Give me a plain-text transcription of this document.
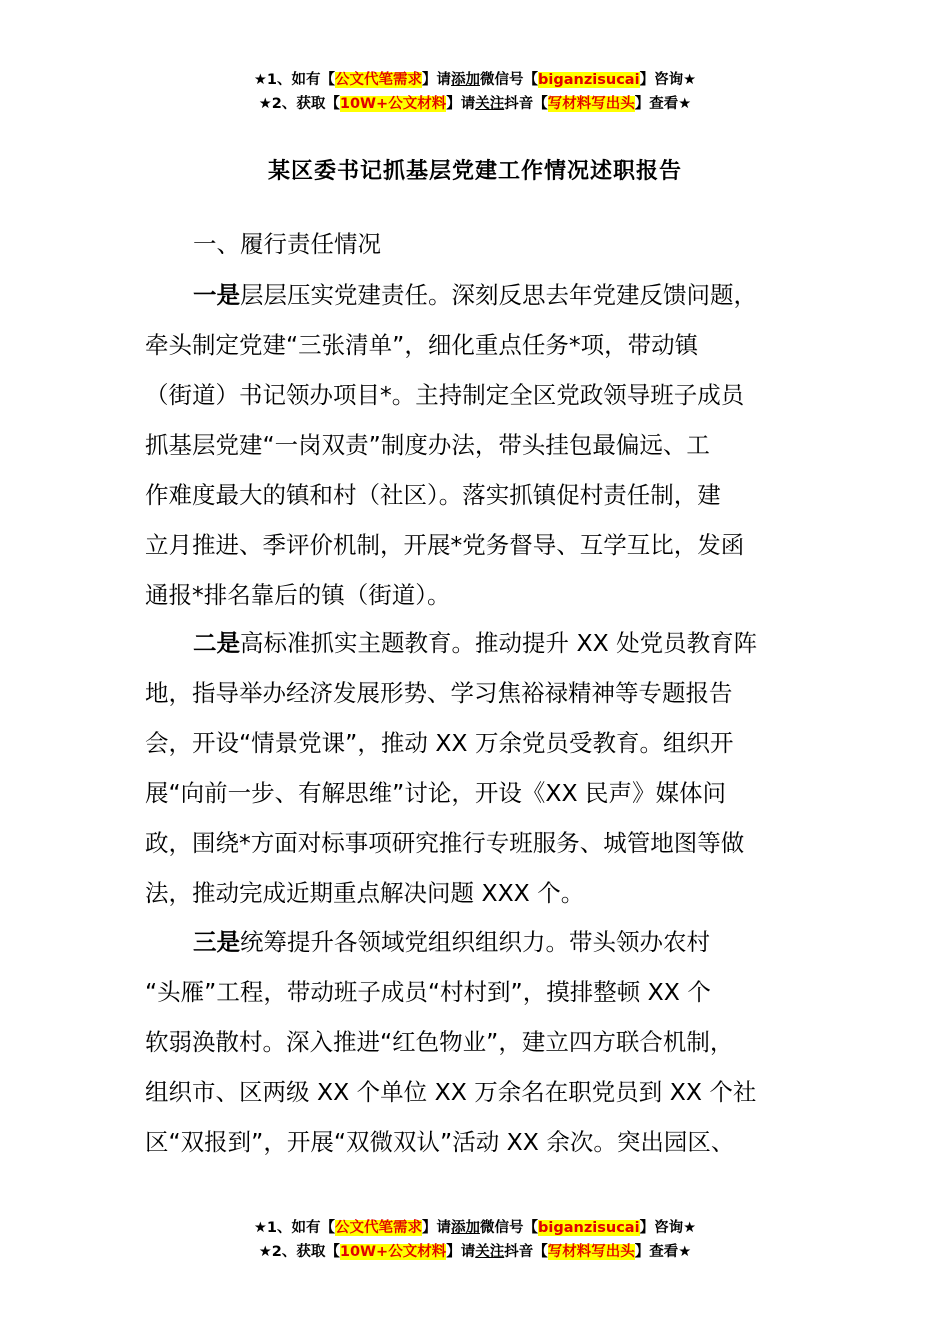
★1、如有【公文代笔需求】请添加微信号【biganzisucai】咨询★
★2、获取【10W+公文材料】请关注抖音【写材料写出头】查看★
某区委书记抓基层党建工作情况述职报告
一、履行责任情况
一是层层压实党建责任。深刻反思去年党建反馈问题，
牵头制定党建“三张清单”，细化重点任务*项，带动镇
（街道）书记领办项目*。主持制定全区党政领导班子成员
抓基层党建“一岗双责”制度办法，带头挂包最偏远、工
作难度最大的镇和村（社区）。落实抓镇促村责任制，建
立月推进、季评价机制，开展*党务督导、互学互比，发函
通报*排名靠后的镇（街道）。
二是高标准抓实主题教育。推动提升 XX 处党员教育阵
地，指导举办经济发展形势、学习焦裕禄精神等专题报告
会，开设“情景党课”，推动 XX 万余党员受教育。组织开
展“向前一步、有解思维”讨论，开设《XX 民声》媒体问
政，围绕*方面对标事项研究推行专班服务、城管地图等做
法，推动完成近期重点解决问题 XXX 个。
三是统筹提升各领域党组织组织力。带头领办农村
“头雁”工程，带动班子成员“村村到”，摸排整顿 XX 个
软弱涣散村。深入推进“红色物业”，建立四方联合机制，
组织市、区两级 XX 个单位 XX 万余名在职党员到 XX 个社
区“双报到”，开展“双微双认”活动 XX 余次。突出园区、
★1、如有【公文代笔需求】请添加微信号【biganzisucai】咨询★
★2、获取【10W+公文材料】请关注抖音【写材料写出头】查看★
